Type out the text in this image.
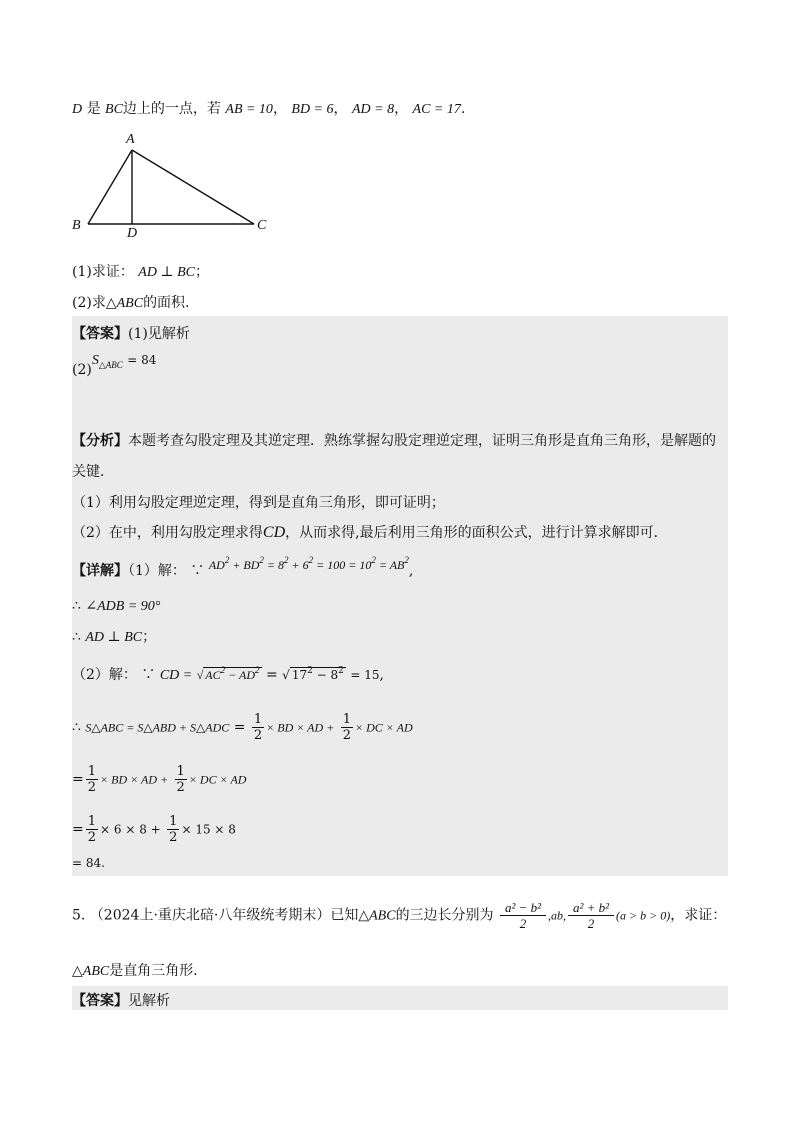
D 是 BC边上的一点，若 AB = 10， BD = 6， AD = 8， AC = 17.
A
B
D
C
(1)求证： AD ⊥ BC；
(2)求△ABC的面积.
【答案】(1)见解析
$(2)S_{\triangle ABC} = 84$
【分析】本题考查勾股定理及其逆定理．熟练掌握勾股定理逆定理，证明三角形是直角三角形，是解题的
关键．
（1）利用勾股定理逆定理，得到是直角三角形，即可证明；
（2）在中，利用勾股定理求得CD，从而求得,最后利用三角形的面积公式，进行计算求解即可．
【详解】（1）解： ∵ $AD^2 + BD^2 = 8^2 + 6^2 = 100 = 10^2 = AB^2$,
∴ ∠ADB = 90°
∴ AD ⊥ BC；
（2）解： ∵ CD = √ $AC^2 - AD^2$ = √ $17^2 - 8^2 = 15$,
∴ S△ABC = S△ABD + S△ADC = $\frac{1}{2}$ × BD × AD + $\frac{1}{2}$ × DC × AD
= $\frac{1}{2}$ × BD × AD + $\frac{1}{2}$ × DC × AD
= $\frac{1}{2} \times 6 \times 8 + \frac{1}{2} \times 15 \times 8$
= 84.
5. （2024上·重庆北碚·八年级统考期末）已知△ABC的三边长分别为 $\frac{\text{a² − b²}}{2} ,ab$, $\frac{\text{a² + b²}}{2} (a > b > 0)$，求证：
△ABC是直角三角形．
【答案】见解析
